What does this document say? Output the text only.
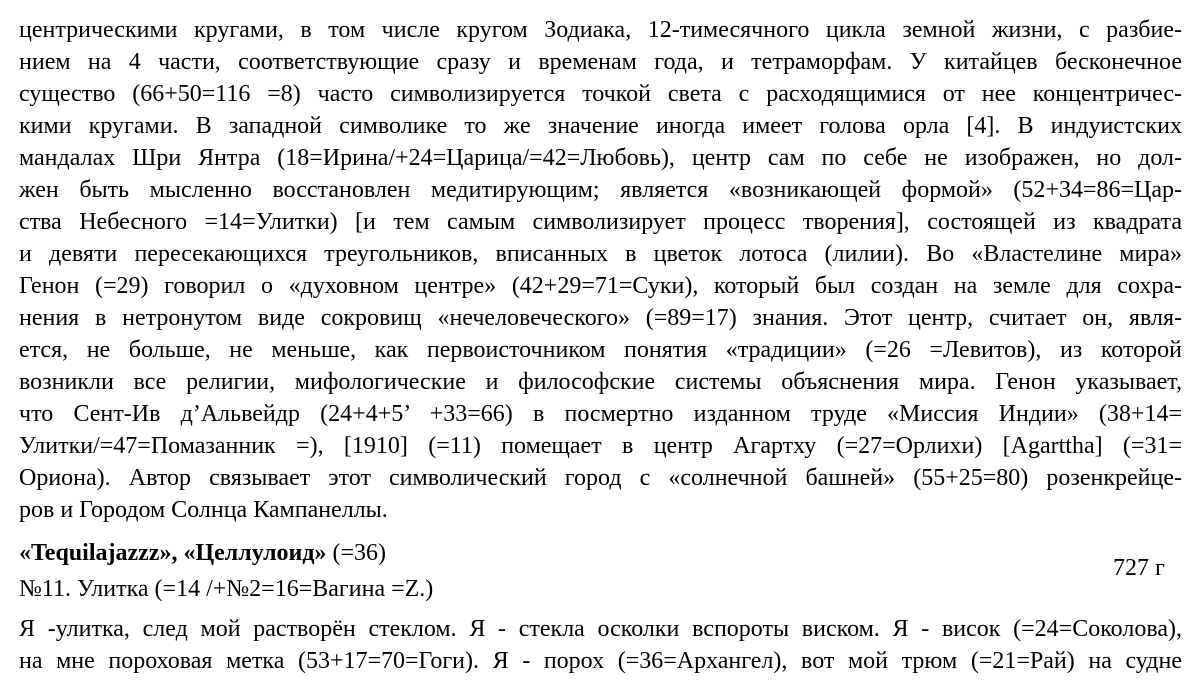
центрическими кругами, в том числе кругом Зодиака, 12-тимесячного цикла земной жизни, с разбие-
нием на 4 части, соответствующие сразу и временам года, и тетраморфам. У китайцев бесконечное
существо (66+50=116 =8) часто символизируется точкой света с расходящимися от нее концентричес-
кими кругами. В западной символике то же значение иногда имеет голова орла [4]. В индуистских
мандалах Шри Янтра (18=Ирина/+24=Царица/=42=Любовь), центр сам по себе не изображен, но дол-
жен быть мысленно восстановлен медитирующим; является «возникающей формой» (52+34=86=Цар-
ства Небесного =14=Улитки) [и тем самым символизирует процесс творения], состоящей из квадрата
и девяти пересекающихся треугольников, вписанных в цветок лотоса (лилии). Во «Властелине мира»
Генон (=29) говорил о «духовном центре» (42+29=71=Суки), который был создан на земле для сохра-
нения в нетронутом виде сокровищ «нечеловеческого» (=89=17) знания. Этот центр, считает он, явля-
ется, не больше, не меньше, как первоисточником понятия «традиции» (=26 =Левитов), из которой
возникли все религии, мифологические и философские системы объяснения мира. Генон указывает,
что Сент-Ив д’Альвейдр (24+4+5’ +33=66) в посмертно изданном труде «Миссия Индии» (38+14=
Улитки/=47=Помазанник =), [1910] (=11) помещает в центр Агартху (=27=Орлихи) [Agarttha] (=31=
Ориона). Автор связывает этот символический город с «солнечной башней» (55+25=80) розенкрейце-
ров и Городом Солнца Кампанеллы.
«Tequilajazzz», «Целлулоид» (=36)
727 г
№11. Улитка (=14 /+№2=16=Вагина =Z.)
Я -улитка, след мой растворён стеклом. Я - стекла осколки вспороты виском. Я - висок (=24=Соколова),
на мне пороховая метка (53+17=70=Гоги). Я - порох (=36=Архангел), вот мой трюм (=21=Рай) на судне
